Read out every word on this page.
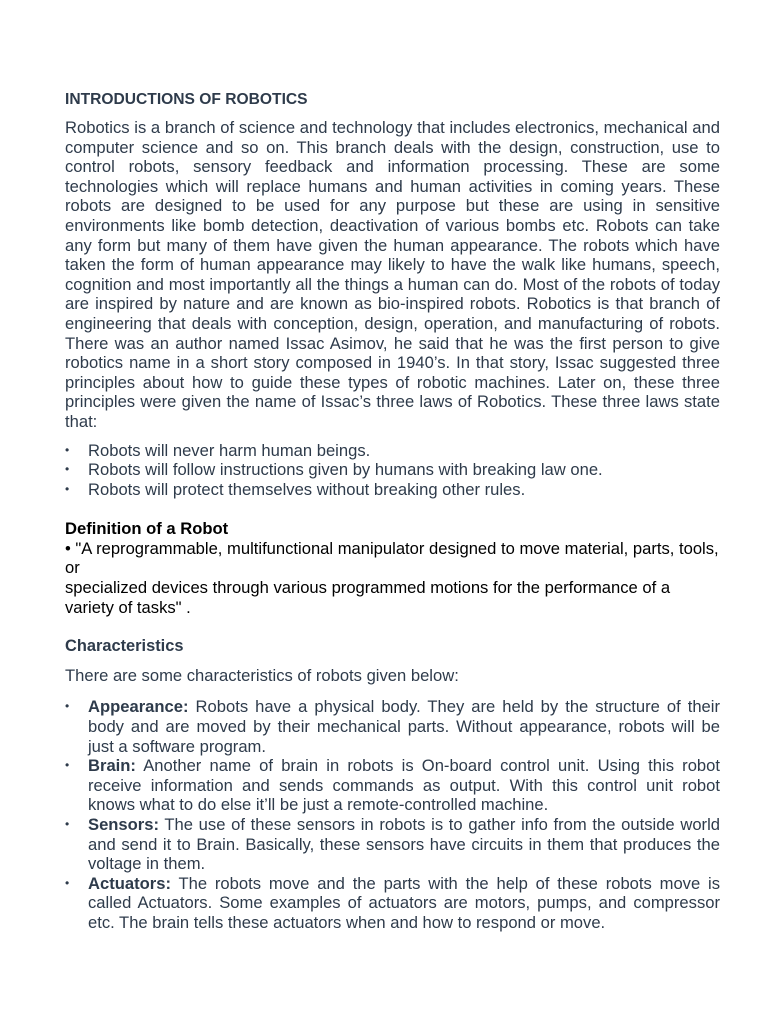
INTRODUCTIONS OF ROBOTICS

Robotics is a branch of science and technology that includes electronics, mechanical and computer science and so on. This branch deals with the design, construction, use to control robots, sensory feedback and information processing. These are some technologies which will replace humans and human activities in coming years. These robots are designed to be used for any purpose but these are using in sensitive environments like bomb detection, deactivation of various bombs etc. Robots can take any form but many of them have given the human appearance. The robots which have taken the form of human appearance may likely to have the walk like humans, speech, cognition and most importantly all the things a human can do. Most of the robots of today are inspired by nature and are known as bio-inspired robots. Robotics is that branch of engineering that deals with conception, design, operation, and manufacturing of robots. There was an author named Issac Asimov, he said that he was the first person to give robotics name in a short story composed in 1940’s. In that story, Issac suggested three principles about how to guide these types of robotic machines. Later on, these three principles were given the name of Issac’s three laws of Robotics. These three laws state that:

• Robots will never harm human beings.
• Robots will follow instructions given by humans with breaking law one.
• Robots will protect themselves without breaking other rules.

Definition of a Robot

• "A reprogrammable, multifunctional manipulator designed to move material, parts, tools, or

specialized devices through various programmed motions for the performance of a variety of tasks" .

Characteristics

There are some characteristics of robots given below:

• Appearance: Robots have a physical body. They are held by the structure of their body and are moved by their mechanical parts. Without appearance, robots will be just a software program.
• Brain: Another name of brain in robots is On-board control unit. Using this robot receive information and sends commands as output. With this control unit robot knows what to do else it’ll be just a remote-controlled machine.
• Sensors: The use of these sensors in robots is to gather info from the outside world and send it to Brain. Basically, these sensors have circuits in them that produces the voltage in them.
• Actuators: The robots move and the parts with the help of these robots move is called Actuators. Some examples of actuators are motors, pumps, and compressor etc. The brain tells these actuators when and how to respond or move.
